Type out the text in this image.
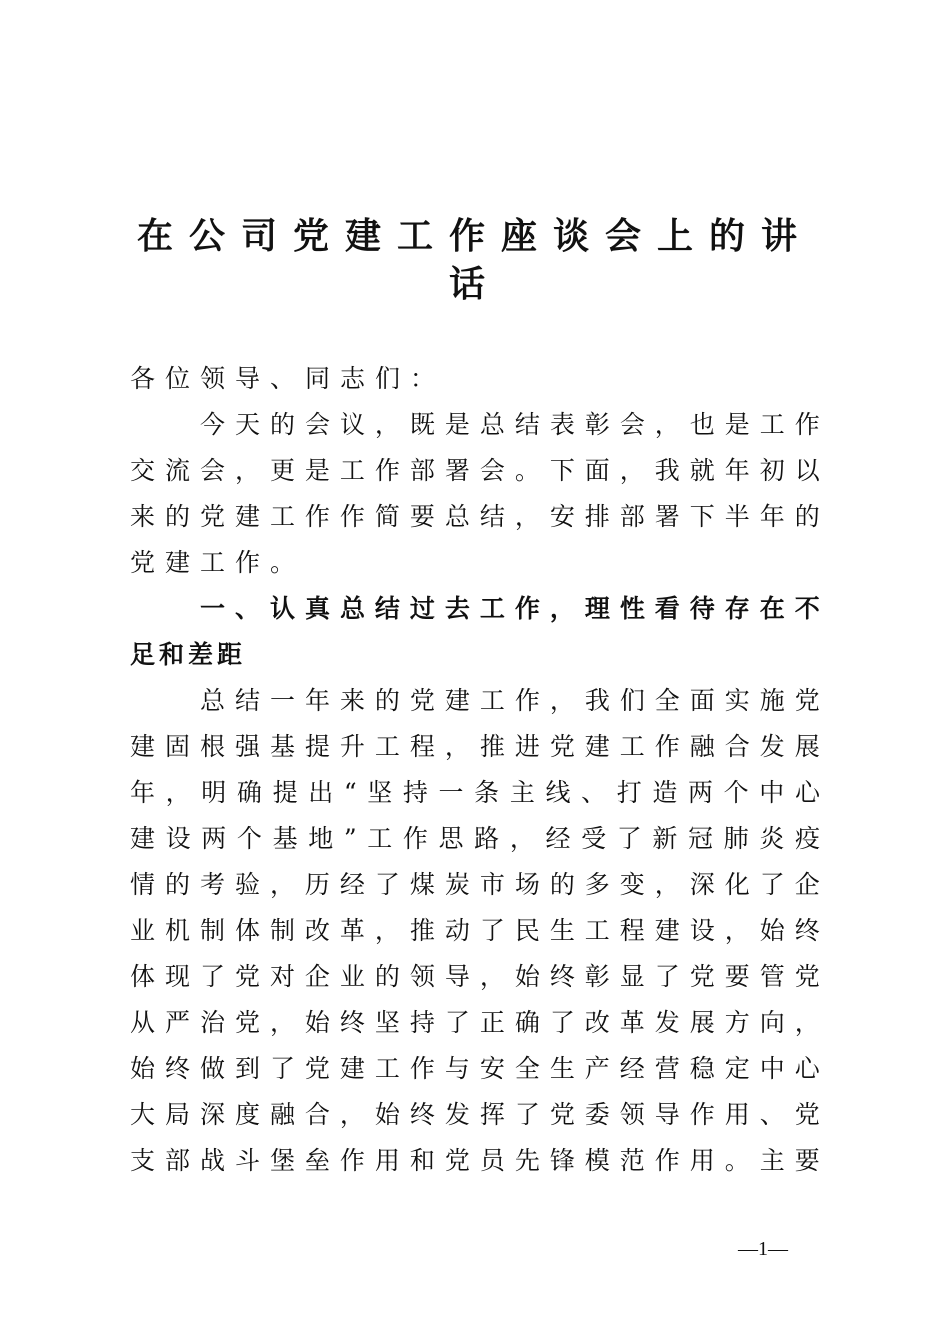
在公司党建工作座谈会上的讲
话
各位领导、同志们：
今 天 的 会 议 ， 既 是 总 结 表 彰 会 ， 也 是 工 作
交 流 会 ， 更 是 工 作 部 署 会 。 下 面 ， 我 就 年 初 以
来 的 党 建 工 作 作 简 要 总 结 ， 安 排 部 署 下 半 年 的
党建工作。
一 、 认 真 总 结 过 去 工 作 ， 理 性 看 待 存 在 不
足和差距
总 结 一 年 来 的 党 建 工 作 ， 我 们 全 面 实 施 党
建 固 根 强 基 提 升 工 程 ， 推 进 党 建 工 作 融 合 发 展
年 ， 明 确 提 出 “ 坚 持 一 条 主 线 、 打 造 两 个 中 心
建 设 两 个 基 地 ” 工 作 思 路 ， 经 受 了 新 冠 肺 炎 疫
情 的 考 验 ， 历 经 了 煤 炭 市 场 的 多 变 ， 深 化 了 企
业 机 制 体 制 改 革 ， 推 动 了 民 生 工 程 建 设 ， 始 终
体 现 了 党 对 企 业 的 领 导 ， 始 终 彰 显 了 党 要 管 党
从 严 治 党 ， 始 终 坚 持 了 正 确 了 改 革 发 展 方 向 ，
始 终 做 到 了 党 建 工 作 与 安 全 生 产 经 营 稳 定 中 心
大 局 深 度 融 合 ， 始 终 发 挥 了 党 委 领 导 作 用 、 党
支 部 战 斗 堡 垒 作 用 和 党 员 先 锋 模 范 作 用 。 主 要
—1—
